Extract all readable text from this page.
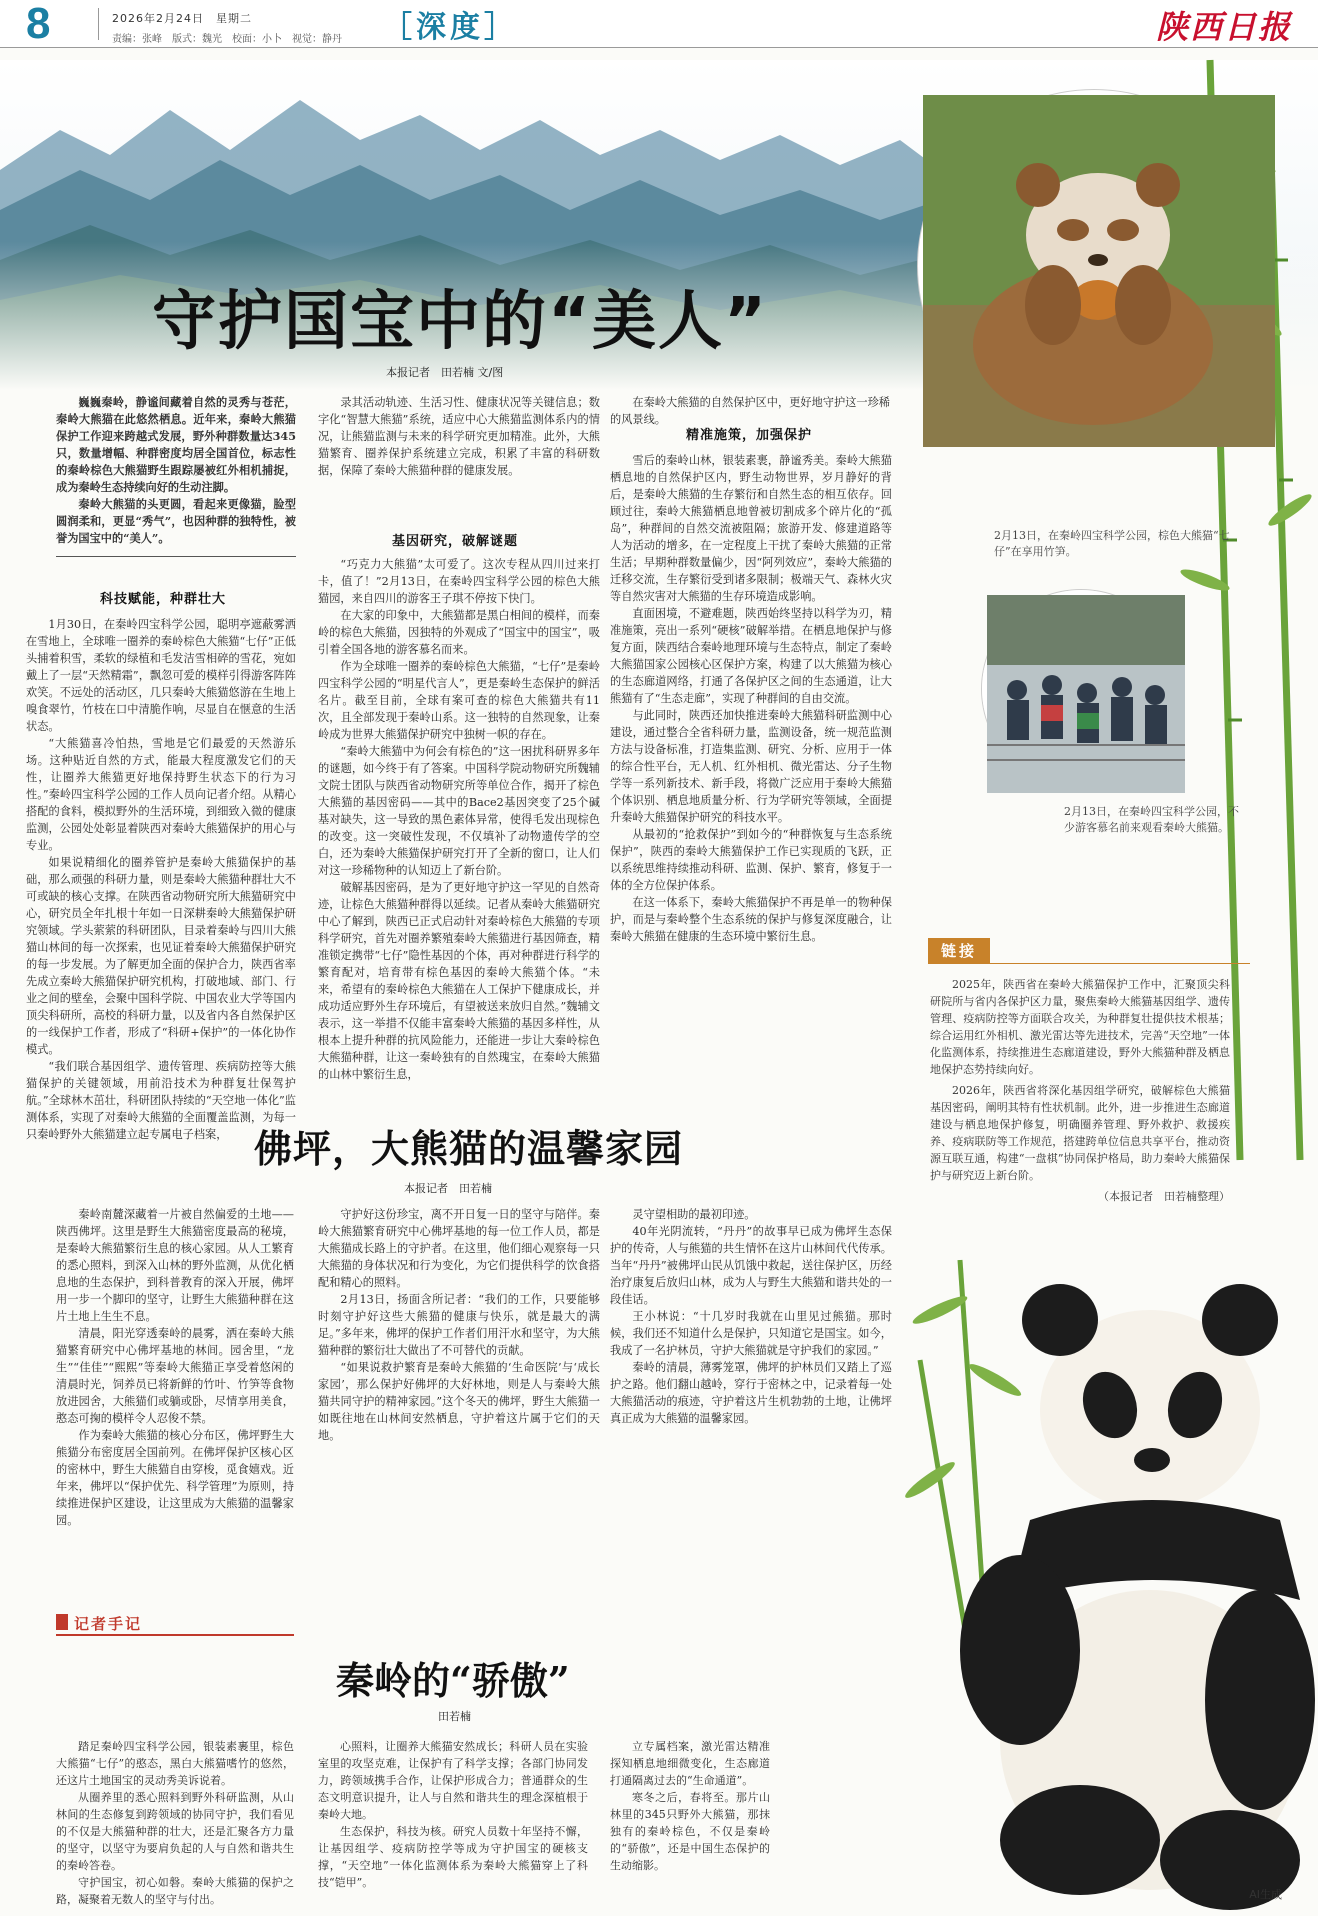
8	2026年2月24日　星期二
责编：张峰　版式：魏光　校面：小卜　视觉：静丹 ［深度］	陕西日报
守护国宝中的“美人”
本报记者　田若楠 文/图

巍巍秦岭，静谧间藏着自然的灵秀与苍茫，秦岭大熊猫在此悠然栖息。近年来，秦岭大熊猫保护工作迎来跨越式发展，野外种群数量达345只，数量增幅、种群密度均居全国首位，标志性的秦岭棕色大熊猫野生跟踪屡被红外相机捕捉，成为秦岭生态持续向好的生动注脚。

秦岭大熊猫的头更圆，看起来更像猫，脸型圆润柔和，更显“秀气”，也因种群的独特性，被誉为国宝中的“美人”。

科技赋能，种群壮大

1月30日，在秦岭四宝科学公园，聪明亭遮蔽雾洒在雪地上，全球唯一圈养的秦岭棕色大熊猫“七仔”正低头捕着积雪，柔软的绿植和毛发洁雪相碎的雪花，宛如戴上了一层“天然精霜”，飘忽可爱的模样引得游客阵阵欢笑。不远处的活动区，几只秦岭大熊猫悠游在生地上嗅食翠竹，竹枝在口中清脆作响，尽显自在惬意的生活状态。

“大熊猫喜冷怕热，雪地是它们最爱的天然游乐场。这种贴近自然的方式，能最大程度激发它们的天性，让圈养大熊猫更好地保持野生状态下的行为习性。”秦岭四宝科学公园的工作人员向记者介绍。从精心搭配的食料，模拟野外的生活环境，到细致入微的健康监测，公园处处彰显着陕西对秦岭大熊猫保护的用心与专业。

如果说精细化的圈养管护是秦岭大熊猫保护的基础，那么顽强的科研力量，则是秦岭大熊猫种群壮大不可或缺的核心支撑。在陕西省动物研究所大熊猫研究中心，研究员全年扎根十年如一日深耕秦岭大熊猫保护研究领域。学头萦萦的科研团队，目录着秦岭与四川大熊猫山林间的每一次探索，也见证着秦岭大熊猫保护研究的每一步发展。为了解更加全面的保护合力，陕西省率先成立秦岭大熊猫保护研究机构，打破地域、部门、行业之间的壁垒，会聚中国科学院、中国农业大学等国内顶尖科研所，高校的科研力量，以及省内各自然保护区的一线保护工作者，形成了“科研+保护”的一体化协作模式。

“我们联合基因组学、遗传管理、疾病防控等大熊猫保护的关键领域，用前沿技术为种群复壮保驾护航。”全球林木茁壮，科研团队持续的“天空地一体化”监测体系，实现了对秦岭大熊猫的全面覆盖监测，为每一只秦岭野外大熊猫建立起专属电子档案，

录其活动轨迹、生活习性、健康状况等关键信息；数字化“智慧大熊猫”系统，适应中心大熊猫监测体系内的情况，让熊猫监测与未来的科学研究更加精准。此外，大熊猫繁育、圈养保护系统建立完成，积累了丰富的科研数据，保障了秦岭大熊猫种群的健康发展。

基因研究，破解谜题

“巧克力大熊猫”太可爱了。这次专程从四川过来打卡，值了！”2月13日，在秦岭四宝科学公园的棕色大熊猫园，来自四川的游客王子琪不停按下快门。

在大家的印象中，大熊猫都是黑白相间的模样，而秦岭的棕色大熊猫，因独特的外观成了“国宝中的国宝”，吸引着全国各地的游客慕名而来。

作为全球唯一圈养的秦岭棕色大熊猫，“七仔”是秦岭四宝科学公园的“明星代言人”，更是秦岭生态保护的鲜活名片。截至目前，全球有案可查的棕色大熊猫共有11次，且全部发现于秦岭山系。这一独特的自然现象，让秦岭成为世界大熊猫保护研究中独树一帜的存在。

“秦岭大熊猫中为何会有棕色的”这一困扰科研界多年的谜题，如今终于有了答案。中国科学院动物研究所魏辅文院士团队与陕西省动物研究所等单位合作，揭开了棕色大熊猫的基因密码——其中的Bace2基因突变了25个碱基对缺失，这一导致的黑色素体异常，使得毛发出现棕色的改变。这一突破性发现，不仅填补了动物遗传学的空白，还为秦岭大熊猫保护研究打开了全新的窗口，让人们对这一珍稀物种的认知迈上了新台阶。

破解基因密码，是为了更好地守护这一罕见的自然奇迹，让棕色大熊猫种群得以延续。记者从秦岭大熊猫研究中心了解到，陕西已正式启动针对秦岭棕色大熊猫的专项科学研究，首先对圈养繁殖秦岭大熊猫进行基因筛查，精准锁定携带“七仔”隐性基因的个体，再对种群进行科学的繁育配对，培育带有棕色基因的秦岭大熊猫个体。“未来，希望有的秦岭棕色大熊猫在人工保护下健康成长，并成功适应野外生存环境后，有望被送来放归自然。”魏辅文表示，这一举措不仅能丰富秦岭大熊猫的基因多样性，从根本上提升种群的抗风险能力，还能进一步让大秦岭棕色大熊猫种群，让这一秦岭独有的自然瑰宝，在秦岭大熊猫的山林中繁衍生息，

在秦岭大熊猫的自然保护区中，更好地守护这一珍稀的风景线。

精准施策，加强保护

雪后的秦岭山林，银装素裹，静谧秀美。秦岭大熊猫栖息地的自然保护区内，野生动物世界，岁月静好的背后，是秦岭大熊猫的生存繁衍和自然生态的相互依存。回顾过往，秦岭大熊猫栖息地曾被切割成多个碎片化的“孤岛”，种群间的自然交流被阻隔；旅游开发、修建道路等人为活动的增多，在一定程度上干扰了秦岭大熊猫的正常生活；早期种群数量偏少，因“阿列效应”，秦岭大熊猫的迁移交流，生存繁衍受到诸多限制；极端天气、森林火灾等自然灾害对大熊猫的生存环境造成影响。

直面困境，不避难题，陕西始终坚持以科学为刃，精准施策，亮出一系列“硬核”破解举措。在栖息地保护与修复方面，陕西结合秦岭地理环境与生态特点，制定了秦岭大熊猫国家公园核心区保护方案，构建了以大熊猫为核心的生态廊道网络，打通了各保护区之间的生态通道，让大熊猫有了“生态走廊”，实现了种群间的自由交流。

与此同时，陕西还加快推进秦岭大熊猫科研监测中心建设，通过整合全省科研力量，监测设备，统一规范监测方法与设备标准，打造集监测、研究、分析、应用于一体的综合性平台，无人机、红外相机、微光雷达、分子生物学等一系列新技术、新手段，将微广泛应用于秦岭大熊猫个体识别、栖息地质量分析、行为学研究等领域，全面提升秦岭大熊猫保护研究的科技水平。

从最初的“抢救保护”到如今的“种群恢复与生态系统保护”，陕西的秦岭大熊猫保护工作已实现质的飞跃，正以系统思维持续推动科研、监测、保护、繁育，修复于一体的全方位保护体系。

在这一体系下，秦岭大熊猫保护不再是单一的物种保护，而是与秦岭整个生态系统的保护与修复深度融合，让秦岭大熊猫在健康的生态环境中繁衍生息。

2月13日，在秦岭四宝科学公园，棕色大熊猫“七仔”在享用竹笋。
2月13日，在秦岭四宝科学公园，不少游客慕名前来观看秦岭大熊猫。
链接

2025年，陕西省在秦岭大熊猫保护工作中，汇聚顶尖科研院所与省内各保护区力量，聚焦秦岭大熊猫基因组学、遗传管理、疫病防控等方面联合攻关，为种群复壮提供技术根基；综合运用红外相机、激光雷达等先进技术，完善“天空地”一体化监测体系，持续推进生态廊道建设，野外大熊猫种群及栖息地保护态势持续向好。

2026年，陕西省将深化基因组学研究，破解棕色大熊猫基因密码，阐明其特有性状机制。此外，进一步推进生态廊道建设与栖息地保护修复，明确圈养管理、野外救护、救援疾养、疫病联防等工作规范，搭建跨单位信息共享平台，推动资源互联互通，构建“一盘棋”协同保护格局，助力秦岭大熊猫保护与研究迈上新台阶。

（本报记者　田若楠整理）

佛坪，大熊猫的温馨家园
本报记者　田若楠

秦岭南麓深藏着一片被自然偏爱的土地——陕西佛坪。这里是野生大熊猫密度最高的秘境，是秦岭大熊猫繁衍生息的核心家园。从人工繁育的悉心照料，到深入山林的野外监测，从优化栖息地的生态保护，到科普教育的深入开展，佛坪用一步一个脚印的坚守，让野生大熊猫种群在这片土地上生生不息。

清晨，阳光穿透秦岭的晨雾，洒在秦岭大熊猫繁育研究中心佛坪基地的林间。园舍里，“龙生”“佳佳”“熙熙”等秦岭大熊猫正享受着悠闲的清晨时光，饲养员已将新鲜的竹叶、竹笋等食物放进园舍，大熊猫们或躺或卧，尽情享用美食，憨态可掬的模样令人忍俊不禁。

作为秦岭大熊猫的核心分布区，佛坪野生大熊猫分布密度居全国前列。在佛坪保护区核心区的密林中，野生大熊猫自由穿梭，觅食嬉戏。近年来，佛坪以“保护优先、科学管理”为原则，持续推进保护区建设，让这里成为大熊猫的温馨家园。

守护好这份珍宝，离不开日复一日的坚守与陪伴。秦岭大熊猫繁育研究中心佛坪基地的每一位工作人员，都是大熊猫成长路上的守护者。在这里，他们细心观察每一只大熊猫的身体状况和行为变化，为它们提供科学的饮食搭配和精心的照料。

2月13日，扬面含所记者：“我们的工作，只要能够时刻守护好这些大熊猫的健康与快乐，就是最大的满足。”多年来，佛坪的保护工作者们用汗水和坚守，为大熊猫种群的繁衍壮大做出了不可替代的贡献。

“如果说救护繁育是秦岭大熊猫的‘生命医院’与‘成长家园’，那么保护好佛坪的大好林地，则是人与秦岭大熊猫共同守护的精神家园。”这个冬天的佛坪，野生大熊猫一如既往地在山林间安然栖息，守护着这片属于它们的天地。

灵守望相助的最初印迹。

40年光阴流转，“丹丹”的故事早已成为佛坪生态保护的传奇，人与熊猫的共生情怀在这片山林间代代传承。当年“丹丹”被佛坪山民从饥饿中救起，送往保护区，历经治疗康复后放归山林，成为人与野生大熊猫和谐共处的一段佳话。

王小林说：“十几岁时我就在山里见过熊猫。那时候，我们还不知道什么是保护，只知道它是国宝。如今，我成了一名护林员，守护大熊猫就是守护我们的家园。”

秦岭的清晨，薄雾笼罩，佛坪的护林员们又踏上了巡护之路。他们翻山越岭，穿行于密林之中，记录着每一处大熊猫活动的痕迹，守护着这片生机勃勃的土地，让佛坪真正成为大熊猫的温馨家园。

记者手记
秦岭的“骄傲”
田若楠

踏足秦岭四宝科学公园，银装素裹里，棕色大熊猫“七仔”的憨态，黑白大熊猫嗜竹的悠然，还这片土地国宝的灵动秀美诉说着。

从圈养里的悉心照料到野外科研监测，从山林间的生态修复到跨领域的协同守护，我们看见的不仅是大熊猫种群的壮大，还是汇聚各方力量的坚守，以坚守为要肩负起的人与自然和谐共生的秦岭答卷。

守护国宝，初心如磐。秦岭大熊猫的保护之路，凝聚着无数人的坚守与付出。

心照料，让圈养大熊猫安然成长；科研人员在实验室里的攻坚克难，让保护有了科学支撑；各部门协同发力，跨领域携手合作，让保护形成合力；普通群众的生态文明意识提升，让人与自然和谐共生的理念深植根于秦岭大地。

生态保护，科技为核。研究人员数十年坚持不懈，让基因组学、疫病防控学等成为守护国宝的硬核支撑，“天空地”一体化监测体系为秦岭大熊猫穿上了科技“铠甲”。

立专属档案，激光雷达精准探知栖息地细微变化，生态廊道打通隔离过去的“生命通道”。

寒冬之后，春将至。那片山林里的345只野外大熊猫，那抹独有的秦岭棕色，不仅是秦岭的“骄傲”，还是中国生态保护的生动缩影。

AI生成
